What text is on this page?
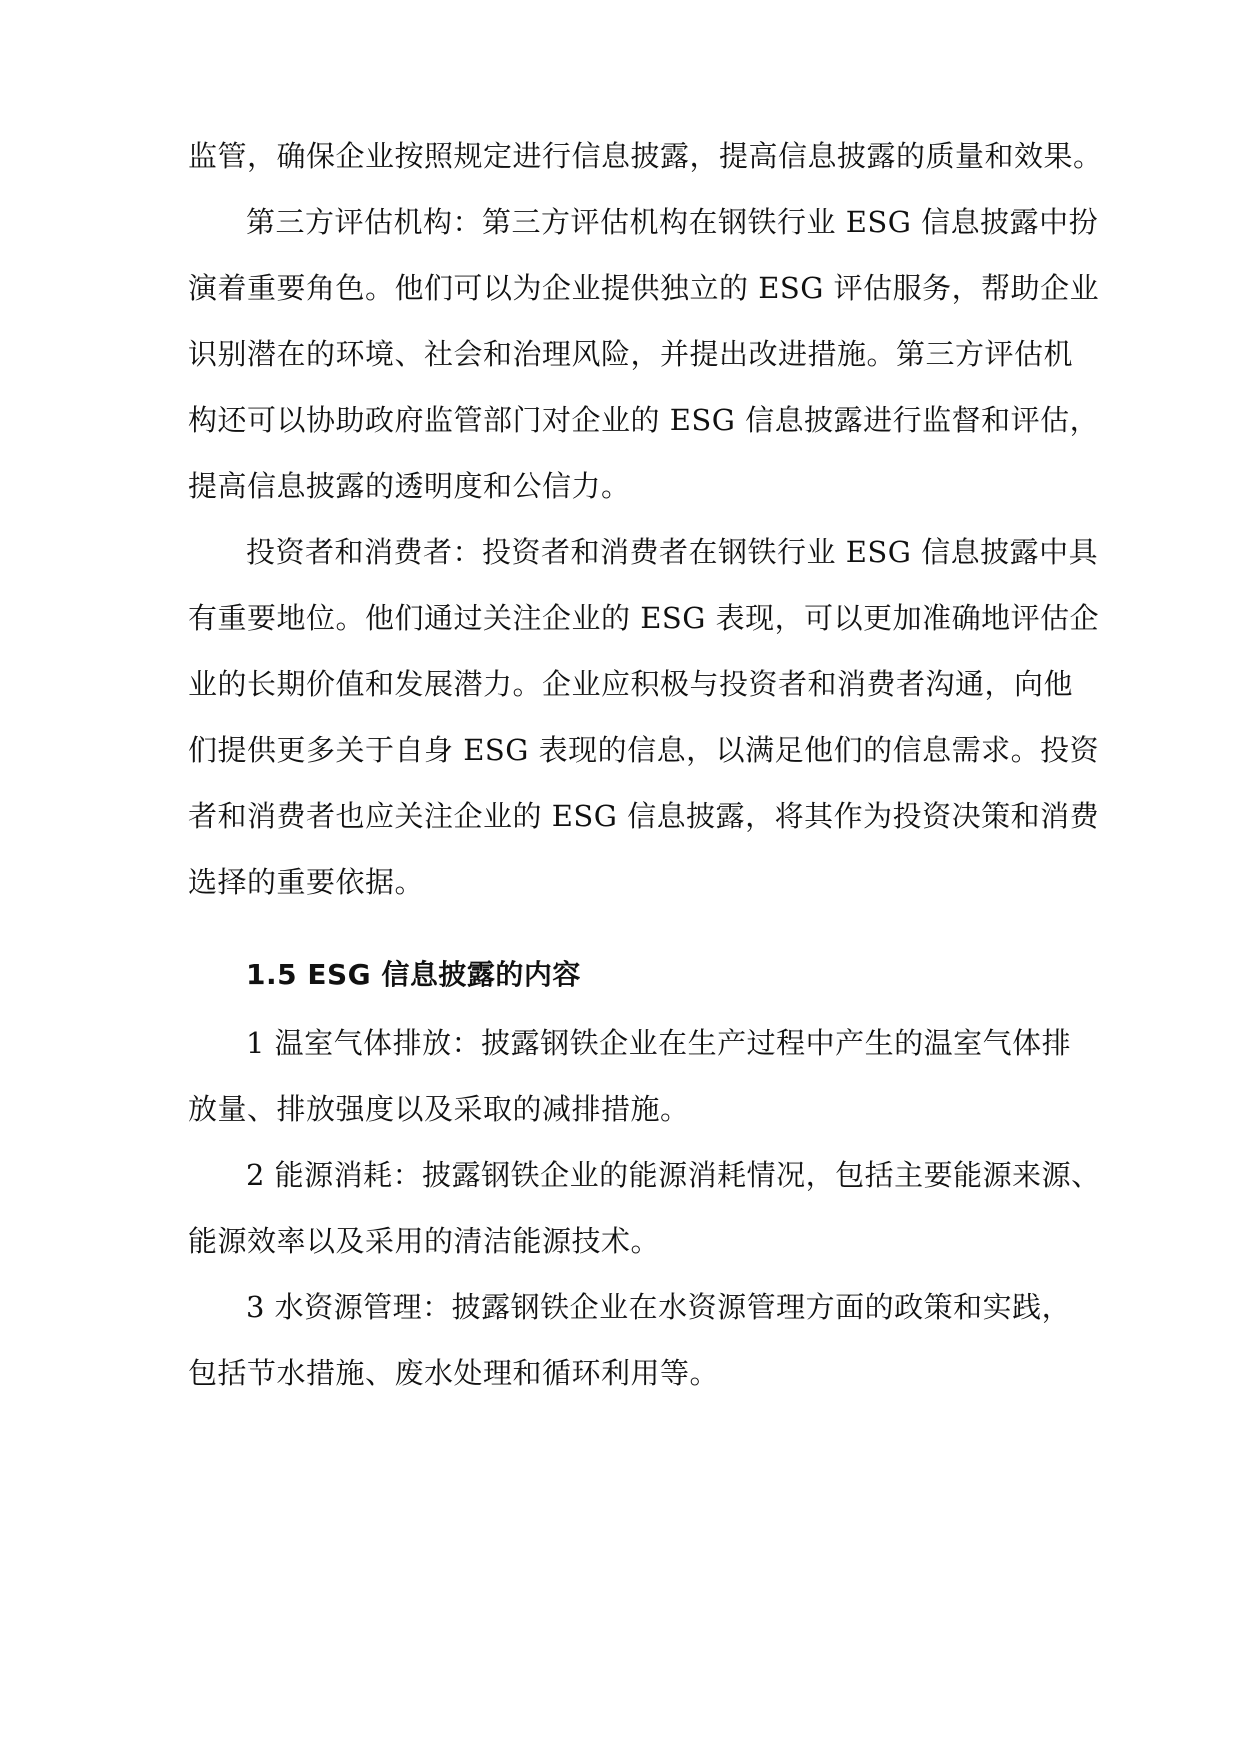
监管，确保企业按照规定进行信息披露，提高信息披露的质量和效果。
第三方评估机构：第三方评估机构在钢铁行业 ESG 信息披露中扮
演着重要角色。他们可以为企业提供独立的 ESG 评估服务，帮助企业
识别潜在的环境、社会和治理风险，并提出改进措施。第三方评估机
构还可以协助政府监管部门对企业的 ESG 信息披露进行监督和评估，
提高信息披露的透明度和公信力。
投资者和消费者：投资者和消费者在钢铁行业 ESG 信息披露中具
有重要地位。他们通过关注企业的 ESG 表现，可以更加准确地评估企
业的长期价值和发展潜力。企业应积极与投资者和消费者沟通，向他
们提供更多关于自身 ESG 表现的信息，以满足他们的信息需求。投资
者和消费者也应关注企业的 ESG 信息披露，将其作为投资决策和消费
选择的重要依据。
1.5 ESG 信息披露的内容
1 温室气体排放：披露钢铁企业在生产过程中产生的温室气体排
放量、排放强度以及采取的减排措施。
2 能源消耗：披露钢铁企业的能源消耗情况，包括主要能源来源、
能源效率以及采用的清洁能源技术。
3 水资源管理：披露钢铁企业在水资源管理方面的政策和实践，
包括节水措施、废水处理和循环利用等。
